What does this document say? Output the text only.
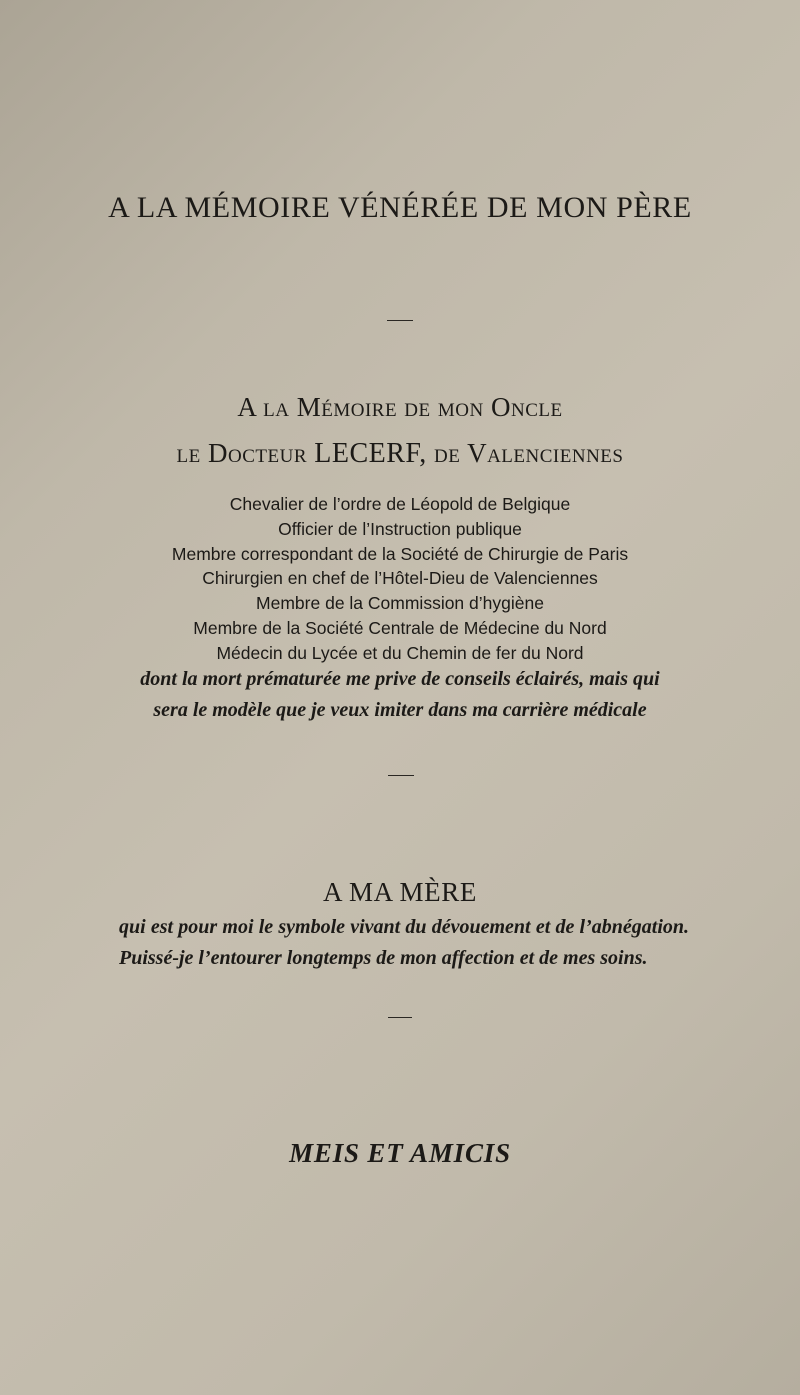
A LA MÉMOIRE VÉNÉRÉE DE MON PÈRE
A la Mémoire de mon Oncle
le Docteur LECERF, de Valenciennes
Chevalier de l’ordre de Léopold de Belgique
Officier de l’Instruction publique
Membre correspondant de la Société de Chirurgie de Paris
Chirurgien en chef de l’Hôtel-Dieu de Valenciennes
Membre de la Commission d’hygiène
Membre de la Société Centrale de Médecine du Nord
Médecin du Lycée et du Chemin de fer du Nord
dont la mort prématurée me prive de conseils éclairés, mais qui
sera le modèle que je veux imiter dans ma carrière médicale
A MA MÈRE
qui est pour moi le symbole vivant du dévouement et de l’abnégation. Puissé-je l’entourer longtemps de mon affection et de mes soins.
MEIS ET AMICIS
